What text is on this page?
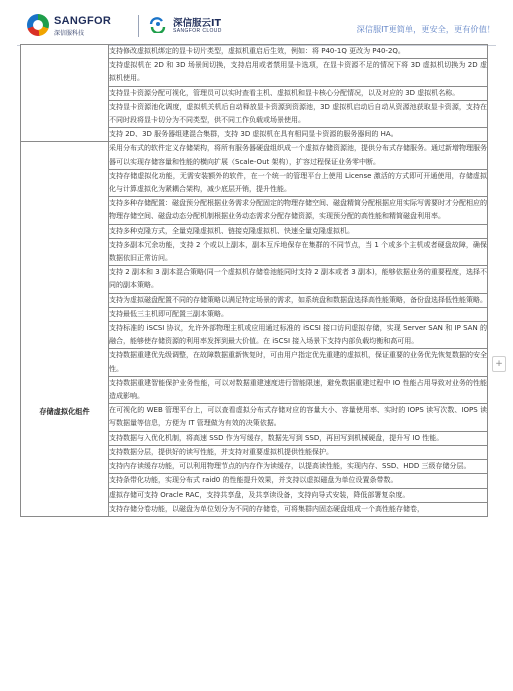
SANGFOR
深信服科技
深信服云IT
SANGFOR CLOUD	深信服IT更简单，更安全，更有价值！
	支持修改虚拟机绑定的显卡切片类型，虚拟机重启后生效，例如：将 P40-1Q 更改为 P40-2Q。
	支持虚拟机在 2D 和 3D 场景间切换，支持启用或者禁用显卡选项，在显卡资源不足的情况下将 3D 虚拟机切换为 2D 虚拟机使用。
	支持显卡资源分配可视化，管理员可以实时查看主机、虚拟机和显卡核心分配情况，以及对应的 3D 虚拟机名称。
	支持显卡资源池化调度，虚拟机关机后自动释放显卡资源到资源池，3D 虚拟机启动后自动从资源池获取显卡资源，支持在不同时段将显卡切分为不同类型，供不同工作负载或场景使用。
	支持 2D、3D 服务器组建混合集群，支持 3D 虚拟机在具有相同显卡资源的服务器间的 HA。
存储虚拟化组件	采用分布式的软件定义存储架构，将所有服务器硬盘组织成一个虚拟存储资源池，提供分布式存储服务。通过新增物理服务器可以实现存储容量和性能的横向扩展（Scale-Out 架构），扩容过程保证业务零中断。
	支持存储虚拟化功能，无需安装额外的软件，在一个统一的管理平台上使用 License 激活的方式即可开通使用，存储虚拟化与计算虚拟化为紧耦合架构，减少底层开销，提升性能。
	支持多种存储配置：磁盘预分配根据业务需求分配固定的物理存储空间、磁盘精简分配根据应用实际写需要时才分配相应的物理存储空间、磁盘动态分配机制根据业务动态需求分配存储资源，实现预分配的高性能和精简磁盘利用率。
	支持多种克隆方式，全量克隆虚拟机、链接克隆虚拟机、快速全量克隆虚拟机。
	支持多副本冗余功能，支持 2 个或以上副本，副本互斥地保存在集群的不同节点，当 1 个或多个主机或者硬盘故障，确保数据依旧正常访问。
	支持 2 副本和 3 副本混合策略(同一个虚拟机存储卷池能同时支持 2 副本或者 3 副本)，能够依据业务的重要程度，选择不同的副本策略。
	支持为虚拟磁盘配置不同的存储策略以满足特定场景的需求，如系统盘和数据盘选择高性能策略，备份盘选择低性能策略。
	支持最低三主机即可配置三副本策略。
	支持标准的 iSCSI 协议，允许外部物理主机或应用通过标准的 iSCSI 接口访问虚拟存储，实现 Server SAN 和 IP SAN 的融合，能够使存储资源的利用率发挥到最大价值。在 iSCSI 接入场景下支持内部负载均衡和高可用。
	支持数据重建优先级调整，在故障数据重新恢复时，可由用户指定优先重建的虚拟机，保证重要的业务优先恢复数据的安全性。
	支持数据重建智能保护业务性能，可以对数据重建速度进行智能限速，避免数据重建过程中 IO 性能占用导致对业务的性能造成影响。
	在可视化的 WEB 管理平台上，可以查看虚拟分布式存储对应的容量大小、容量使用率、实时的 IOPS 读写次数、IOPS 读写数据量等信息，方便为 IT 管理做为有效的决策依据。
	支持数据与入优化机制，将高速 SSD 作为写缓存，数据先写到 SSD，再回写到机械硬盘，提升写 IO 性能。
	支持数据分层，提供好的读写性能，并支持对重要虚拟机提供性能保护。
	支持内存读缓存功能，可以利用物理节点的内存作为读缓存，以提高读性能，实现内存、SSD、HDD 三级存储分层。
	支持条带化功能，实现分布式 raid0 的性能提升效果，并支持以虚拟磁盘为单位设置条带数。
	虚拟存储可支持 Oracle RAC，支持共享盘，及共享读设备，支持向导式安装，降低部署复杂度。
	支持存储分卷功能，以磁盘为单位划分为不同的存储卷，可将集群内固态硬盘组成一个高性能存储卷，
+
